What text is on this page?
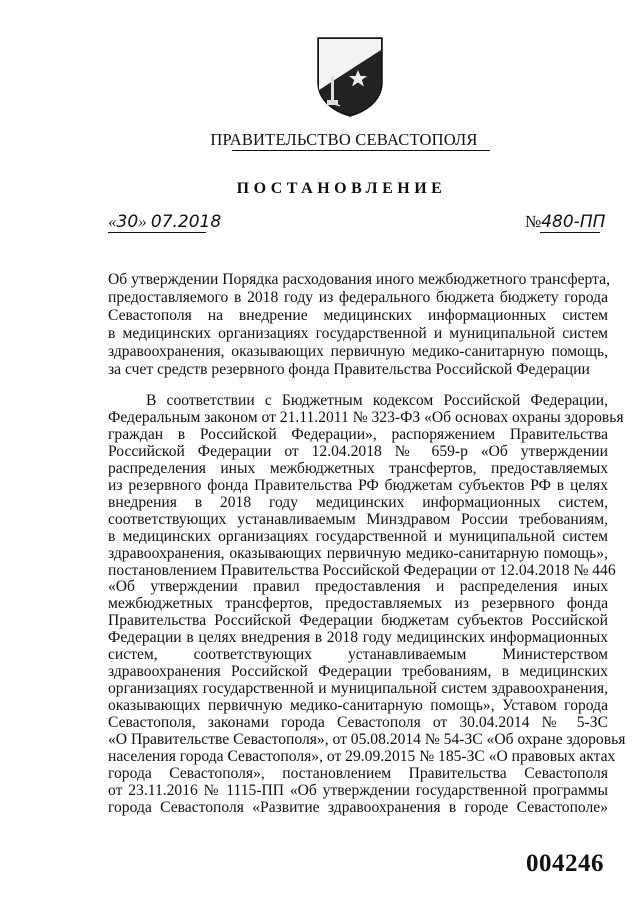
ПРАВИТЕЛЬСТВО СЕВАСТОПОЛЯ
ПОСТАНОВЛЕНИЕ
«30» 07.2018	№480-ПП
Об утверждении Порядка расходования иного межбюджетного трансферта,
предоставляемого в 2018 году из федерального бюджета бюджету города
Севастополя на внедрение медицинских информационных систем
в медицинских организациях государственной и муниципальной систем
здравоохранения, оказывающих первичную медико-санитарную помощь,
за счет средств резервного фонда Правительства Российской Федерации
В соответствии с Бюджетным кодексом Российской Федерации,
Федеральным законом от 21.11.2011 № 323-ФЗ «Об основах охраны здоровья
граждан в Российской Федерации», распоряжением Правительства
Российской Федерации от 12.04.2018 № 659-р «Об утверждении
распределения иных межбюджетных трансфертов, предоставляемых
из резервного фонда Правительства РФ бюджетам субъектов РФ в целях
внедрения в 2018 году медицинских информационных систем,
соответствующих устанавливаемым Минздравом России требованиям,
в медицинских организациях государственной и муниципальной систем
здравоохранения, оказывающих первичную медико-санитарную помощь»,
постановлением Правительства Российской Федерации от 12.04.2018 № 446
«Об утверждении правил предоставления и распределения иных
межбюджетных трансфертов, предоставляемых из резервного фонда
Правительства Российской Федерации бюджетам субъектов Российской
Федерации в целях внедрения в 2018 году медицинских информационных
систем, соответствующих устанавливаемым Министерством
здравоохранения Российской Федерации требованиям, в медицинских
организациях государственной и муниципальной систем здравоохранения,
оказывающих первичную медико-санитарную помощь», Уставом города
Севастополя, законами города Севастополя от 30.04.2014 № 5-ЗС
«О Правительстве Севастополя», от 05.08.2014 № 54-ЗС «Об охране здоровья
населения города Севастополя», от 29.09.2015 № 185-ЗС «О правовых актах
города Севастополя», постановлением Правительства Севастополя
от 23.11.2016 № 1115-ПП «Об утверждении государственной программы
города Севастополя «Развитие здравоохранения в городе Севастополе»
004246
